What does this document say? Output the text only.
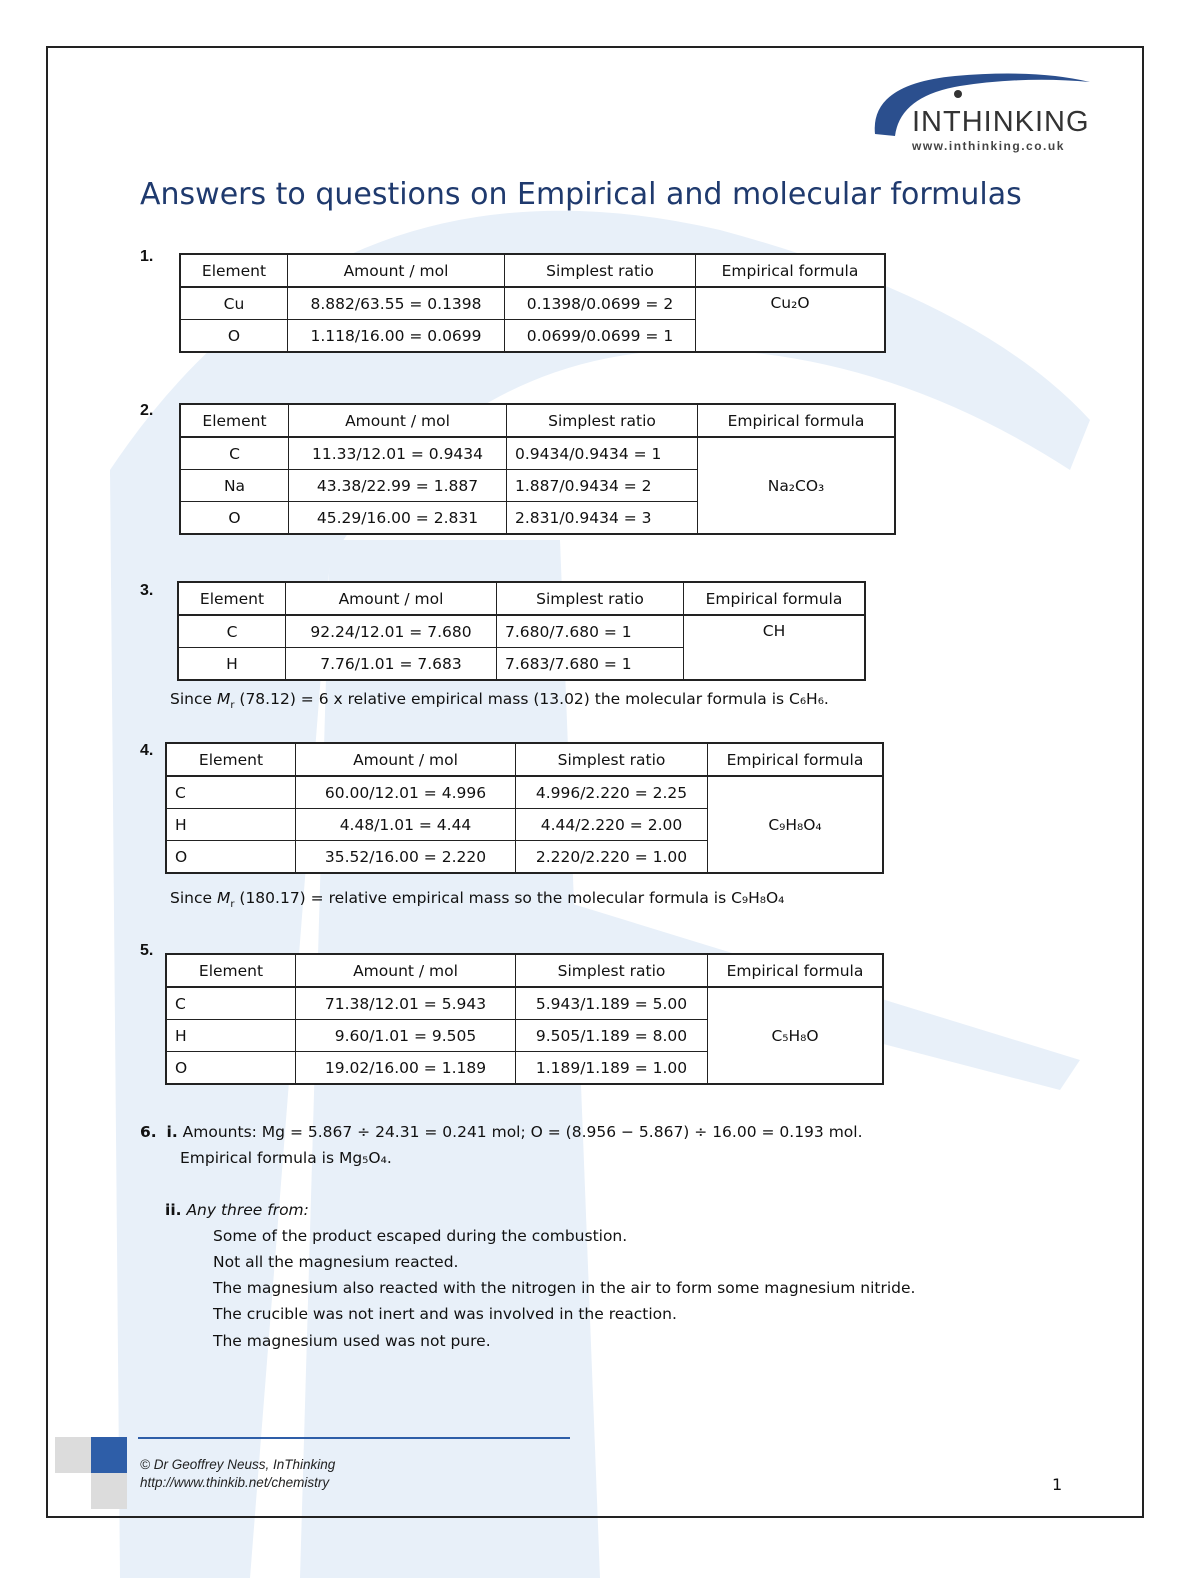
INTHINKING
www.inthinking.co.uk
Answers to questions on Empirical and molecular formulas
1.
Element	Amount / mol	Simplest ratio	Empirical formula
Cu	8.882/63.55 = 0.1398	0.1398/0.0699 = 2	Cu₂O
O	1.118/16.00 = 0.0699	0.0699/0.0699 = 1	
2.
Element	Amount / mol	Simplest ratio	Empirical formula
C	11.33/12.01 = 0.9434	0.9434/0.9434 = 1	Na₂CO₃
Na	43.38/22.99 = 1.887	1.887/0.9434 = 2	
O	45.29/16.00 = 2.831	2.831/0.9434 = 3	
3.	Element	Amount / mol	Simplest ratio	Empirical formula
C	92.24/12.01 = 7.680	7.680/7.680 = 1	CH
H	7.76/1.01 = 7.683	7.683/7.680 = 1	
Since $M_r$ (78.12) = 6 x relative empirical mass (13.02) the molecular formula is C₆H₆.
4.	Element	Amount / mol	Simplest ratio	Empirical formula
C	60.00/12.01 = 4.996	4.996/2.220 = 2.25	C₉H₈O₄
H	4.48/1.01 = 4.44	4.44/2.220 = 2.00	
O	35.52/16.00 = 2.220	2.220/2.220 = 1.00	
Since $M_r$ (180.17) = relative empirical mass so the molecular formula is C₉H₈O₄
5.
Element	Amount / mol	Simplest ratio	Empirical formula
C	71.38/12.01 = 5.943	5.943/1.189 = 5.00	C₅H₈O
H	9.60/1.01 = 9.505	9.505/1.189 = 8.00	
O	19.02/16.00 = 1.189	1.189/1.189 = 1.00	
6. i. Amounts: Mg = 5.867 ÷ 24.31 = 0.241 mol; O = (8.956 − 5.867) ÷ 16.00 = 0.193 mol.
Empirical formula is Mg₅O₄.
ii. Any three from:
Some of the product escaped during the combustion.
Not all the magnesium reacted.
The magnesium also reacted with the nitrogen in the air to form some magnesium nitride.
The crucible was not inert and was involved in the reaction.
The magnesium used was not pure.
© Dr Geoffrey Neuss, InThinking
http://www.thinkib.net/chemistry	1
